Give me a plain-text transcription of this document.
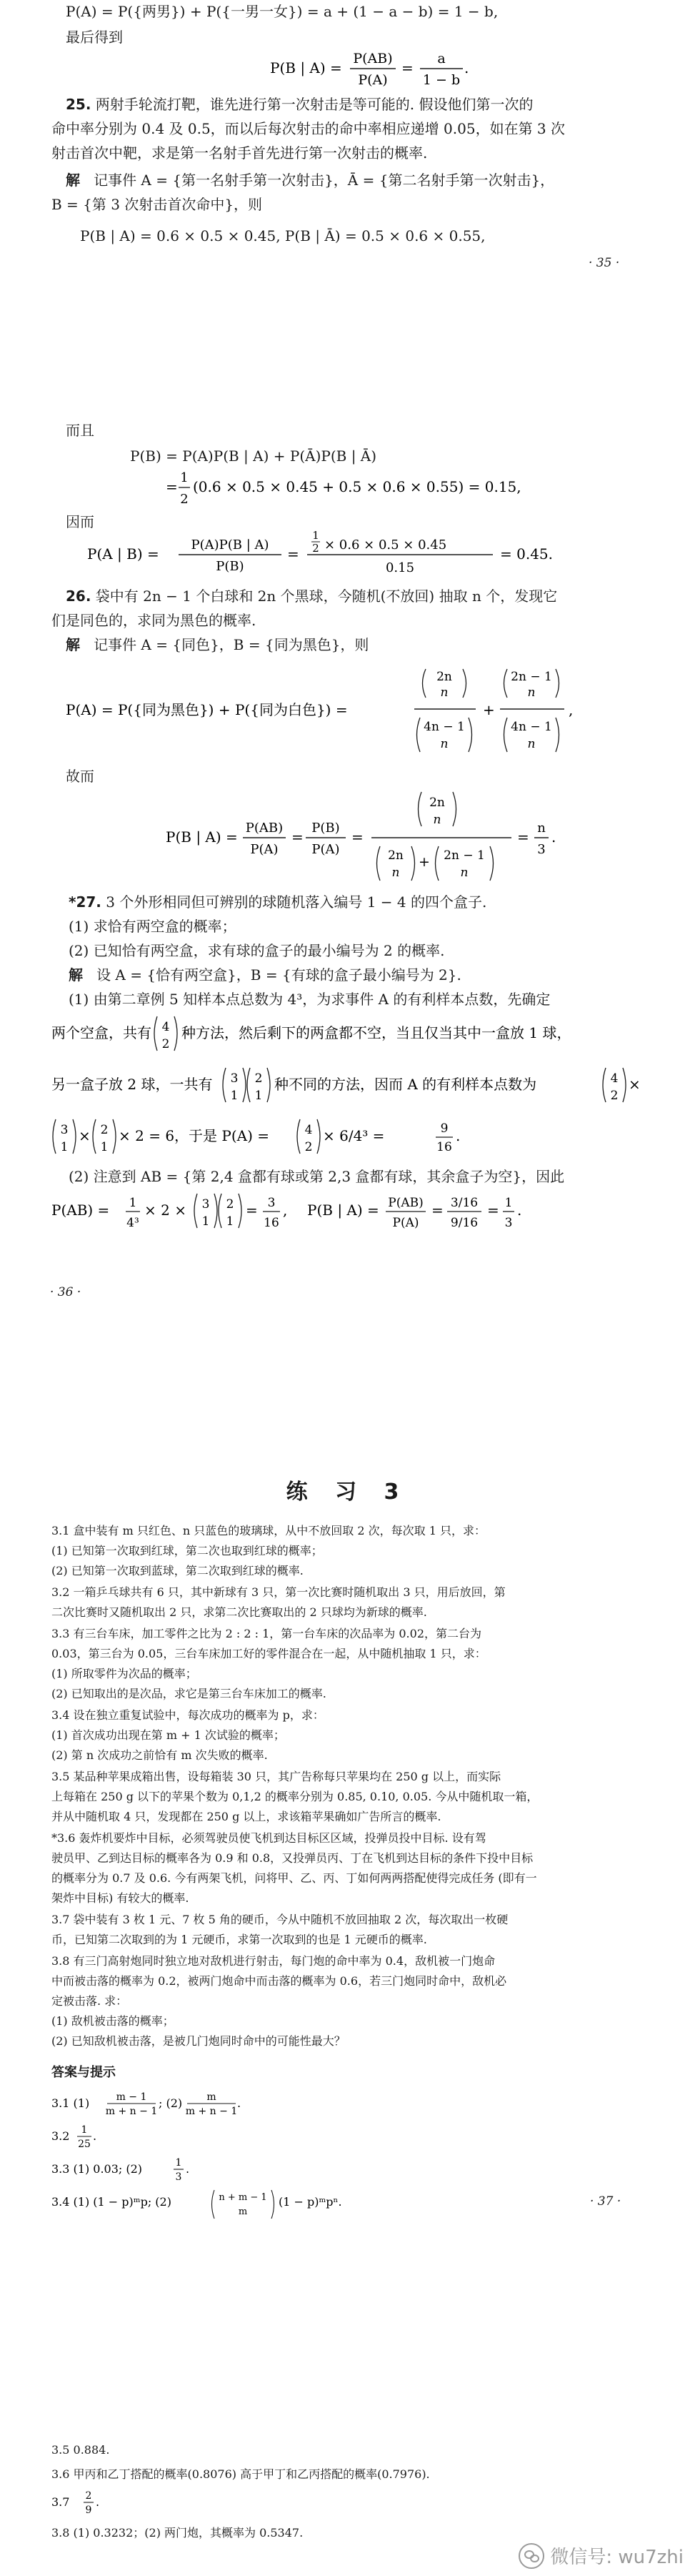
P(A) = P({两男}) + P({一男一女}) = a + (1 − a − b) = 1 − b,
最后得到
P(B | A) =
P(AB)
P(A)
=
a
1 − b
.
25. 两射手轮流打靶，谁先进行第一次射击是等可能的. 假设他们第一次的
命中率分别为 0.4 及 0.5，而以后每次射击的命中率相应递增 0.05，如在第 3 次
射击首次中靶，求是第一名射手首先进行第一次射击的概率.
解 记事件 A = {第一名射手第一次射击}，Ā = {第二名射手第一次射击}，
B = {第 3 次射击首次命中}，则
P(B | A) = 0.6 × 0.5 × 0.45, P(B | Ā) = 0.5 × 0.6 × 0.55,
· 35 ·
而且
P(B) = P(A)P(B | A) + P(Ā)P(B | Ā)
=
1
2
(0.6 × 0.5 × 0.45 + 0.5 × 0.6 × 0.55) = 0.15,
因而
P(A | B) =
P(A)P(B | A)
P(B)
=
1
2 × 0.6 × 0.5 × 0.45
0.15
= 0.45.
26. 袋中有 2n − 1 个白球和 2n 个黑球，今随机(不放回) 抽取 n 个，发现它
们是同色的，求同为黑色的概率.
解 记事件 A = {同色}，B = {同为黑色}，则
P(A) = P({同为黑色}) + P({同为白色}) =
2n
n
4n − 1
n
+
2n − 1
n
4n − 1
n
,
故而
P(B | A) =
P(AB)
P(A)
=
P(B)
P(A)
=
2n
n
2n
n
+ 2n − 1
n
=
n
3
.
*27. 3 个外形相同但可辨别的球随机落入编号 1 − 4 的四个盒子.
(1) 求恰有两空盒的概率；
(2) 已知恰有两空盒，求有球的盒子的最小编号为 2 的概率.
解 设 A = {恰有两空盒}，B = {有球的盒子最小编号为 2}.
(1) 由第二章例 5 知样本点总数为 4³，为求事件 A 的有利样本点数，先确定
两个空盒，共有 4
2
种方法，然后剩下的两盒都不空，当且仅当其中一盒放 1 球，
另一盒子放 2 球，一共有 3
1
2
1
种不同的方法，因而 A 的有利样本点数为	4
2
×
3
1
× 2
1
× 2 = 6，于是 P(A) =	4
2
× 6/4³ =	9
16
.
(2) 注意到 AB = {第 2,4 盒都有球或第 2,3 盒都有球，其余盒子为空}，因此
P(AB) = 1
4³
× 2 × 3
1
2
1
= 3
16
, P(B | A) = P(AB)
P(A)
= 3/16
9/16
= 1
3
.
· 36 ·
练 习 3
3.1 盒中装有 m 只红色、n 只蓝色的玻璃球，从中不放回取 2 次，每次取 1 只，求：
(1) 已知第一次取到红球，第二次也取到红球的概率；
(2) 已知第一次取到蓝球，第二次取到红球的概率.
3.2 一箱乒乓球共有 6 只，其中新球有 3 只，第一次比赛时随机取出 3 只，用后放回，第
二次比赛时又随机取出 2 只，求第二次比赛取出的 2 只球均为新球的概率.
3.3 有三台车床，加工零件之比为 2 : 2 : 1，第一台车床的次品率为 0.02，第二台为
0.03，第三台为 0.05，三台车床加工好的零件混合在一起，从中随机抽取 1 只，求：
(1) 所取零件为次品的概率；
(2) 已知取出的是次品，求它是第三台车床加工的概率.
3.4 设在独立重复试验中，每次成功的概率为 p，求：
(1) 首次成功出现在第 m + 1 次试验的概率；
(2) 第 n 次成功之前恰有 m 次失败的概率.
3.5 某品种苹果成箱出售，设每箱装 30 只，其广告称每只苹果均在 250 g 以上，而实际
上每箱在 250 g 以下的苹果个数为 0,1,2 的概率分别为 0.85, 0.10, 0.05. 今从中随机取一箱，
并从中随机取 4 只，发现都在 250 g 以上，求该箱苹果确如广告所言的概率.
*3.6 轰炸机要炸中目标，必须驾驶员使飞机到达目标区区域，投弹员投中目标. 设有驾
驶员甲、乙到达目标的概率各为 0.9 和 0.8，又投弹员丙、丁在飞机到达目标的条件下投中目标
的概率分为 0.7 及 0.6. 今有两架飞机，问将甲、乙、丙、丁如何两两搭配使得完成任务 (即有一
架炸中目标) 有较大的概率.
3.7 袋中装有 3 枚 1 元、7 枚 5 角的硬币，今从中随机不放回抽取 2 次，每次取出一枚硬
币，已知第二次取到的为 1 元硬币，求第一次取到的也是 1 元硬币的概率.
3.8 有三门高射炮同时独立地对敌机进行射击，每门炮的命中率为 0.4，敌机被一门炮命
中而被击落的概率为 0.2，被两门炮命中而击落的概率为 0.6，若三门炮同时命中，敌机必
定被击落. 求：
(1) 敌机被击落的概率；
(2) 已知敌机被击落，是被几门炮同时命中的可能性最大？
答案与提示
3.1 (1)	m − 1
m + n − 1
; (2) m
m + n − 1
.
3.2 1
25
.
3.3 (1) 0.03; (2)	1
3
.
3.4 (1) (1 − p)ᵐp; (2)	n + m − 1
m
(1 − p)ᵐpⁿ.	· 37 ·
3.5 0.884.
3.6 甲丙和乙丁搭配的概率(0.8076) 高于甲丁和乙丙搭配的概率(0.7976).
3.7 2
9
.
3.8 (1) 0.3232；(2) 两门炮，其概率为 0.5347.
微信号: wu7zhi
